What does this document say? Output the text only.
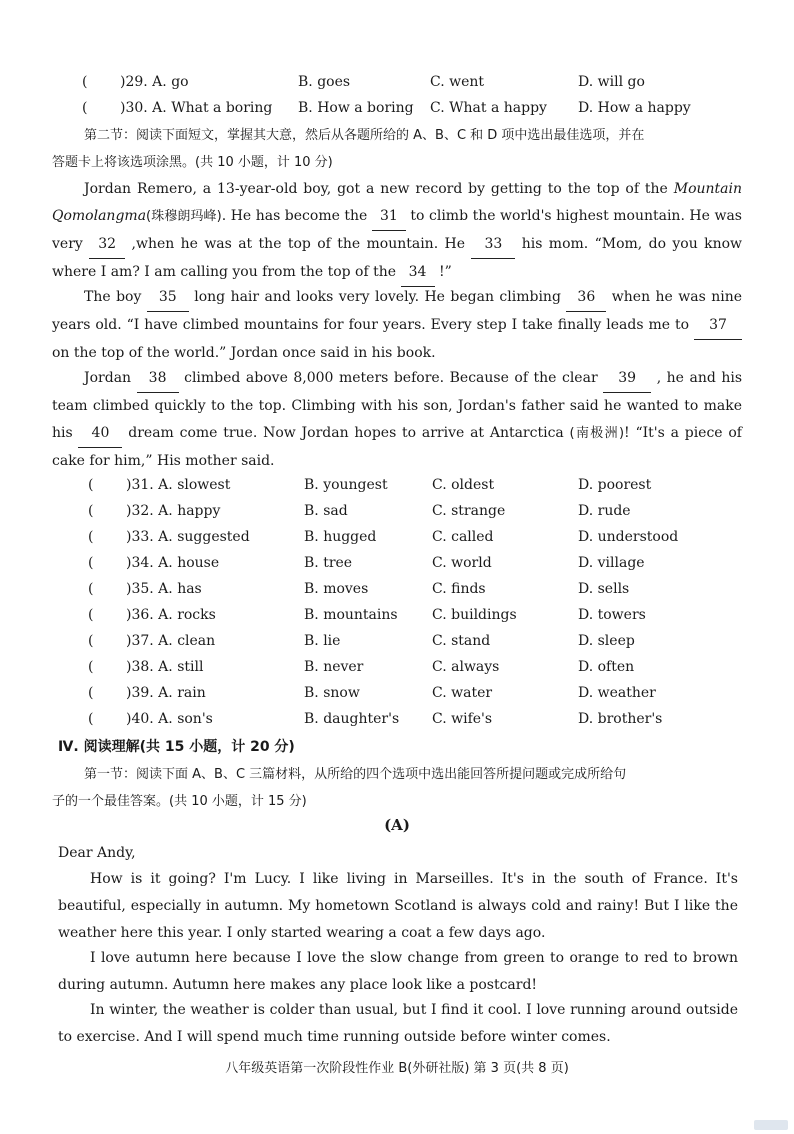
( )29. A. go	B. goes	C. went	D. will go
( )30. A. What a boring B. How a boring C. What a happy D. How a happy

第二节：阅读下面短文，掌握其大意，然后从各题所给的 A、B、C 和 D 项中选出最佳选项，并在

答题卡上将该选项涂黑。(共 10 小题，计 10 分)

Jordan Remero, a 13-year-old boy, got a new record by getting to the top of the Mountain Qomolangma(珠穆朗玛峰). He has become the 31 to climb the world's highest mountain. He was very 32 ,when he was at the top of the mountain. He 33 his mom. “Mom, do you know where I am? I am calling you from the top of the 34 !”

The boy 35 long hair and looks very lovely. He began climbing 36 when he was nine years old. “I have climbed mountains for four years. Every step I take finally leads me to 37 on the top of the world.” Jordan once said in his book.

Jordan 38 climbed above 8,000 meters before. Because of the clear 39 , he and his team climbed quickly to the top. Climbing with his son, Jordan's father said he wanted to make his 40 dream come true. Now Jordan hopes to arrive at Antarctica (南极洲)! “It's a piece of cake for him,” His mother said.

( )31. A. slowest	B. youngest	C. oldest	D. poorest
( )32. A. happy	B. sad	C. strange	D. rude
( )33. A. suggested	B. hugged	C. called	D. understood
( )34. A. house	B. tree	C. world	D. village
( )35. A. has	B. moves	C. finds	D. sells
( )36. A. rocks	B. mountains C. buildings	D. towers
( )37. A. clean	B. lie	C. stand	D. sleep
( )38. A. still	B. never	C. always	D. often
( )39. A. rain	B. snow	C. water	D. weather
( )40. A. son's	B. daughter's C. wife's	D. brother's

Ⅳ. 阅读理解(共 15 小题，计 20 分)

第一节：阅读下面 A、B、C 三篇材料，从所给的四个选项中选出能回答所提问题或完成所给句

子的一个最佳答案。(共 10 小题，计 15 分)

(A)

Dear Andy,

How is it going? I'm Lucy. I like living in Marseilles. It's in the south of France. It's beautiful, especially in autumn. My hometown Scotland is always cold and rainy! But I like the weather here this year. I only started wearing a coat a few days ago.

I love autumn here because I love the slow change from green to orange to red to brown during autumn. Autumn here makes any place look like a postcard!

In winter, the weather is colder than usual, but I find it cool. I love running around outside to exercise. And I will spend much time running outside before winter comes.

八年级英语第一次阶段性作业 B(外研社版) 第 3 页(共 8 页)
